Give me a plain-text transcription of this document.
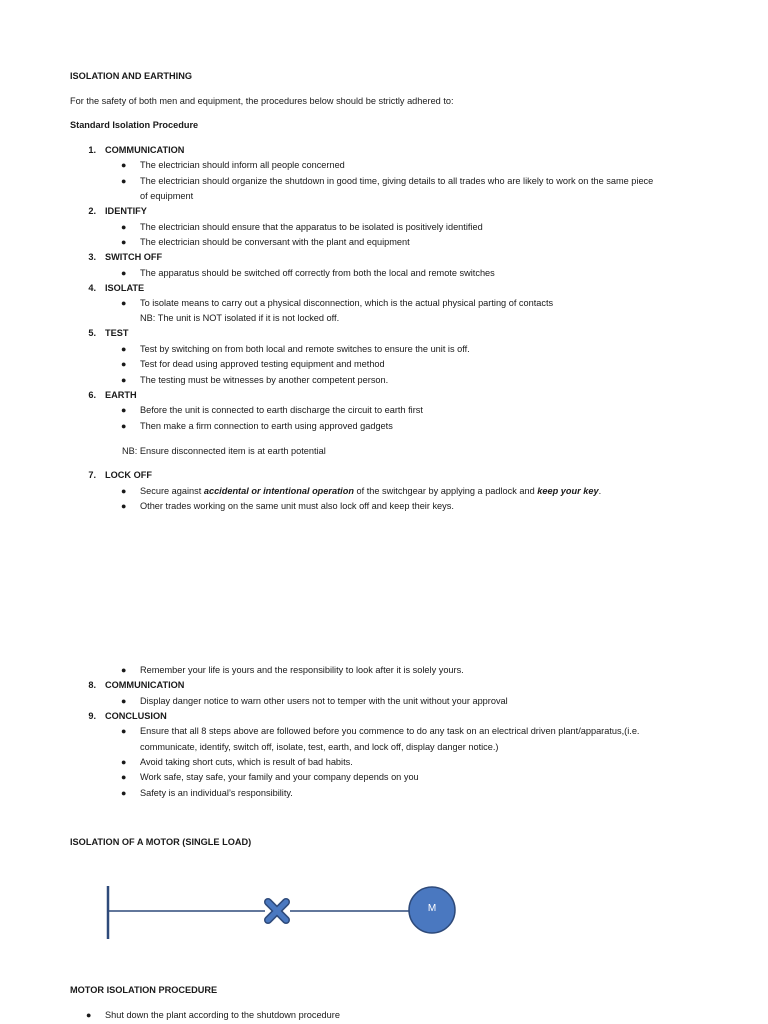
ISOLATION AND EARTHING
For the safety of both men and equipment, the procedures below should be strictly adhered to:
Standard Isolation Procedure
1. COMMUNICATION
● The electrician should inform all people concerned
● The electrician should organize the shutdown in good time, giving details to all trades who are likely to work on the same piece
of equipment
2. IDENTIFY
● The electrician should ensure that the apparatus to be isolated is positively identified
● The electrician should be conversant with the plant and equipment
3. SWITCH OFF
● The apparatus should be switched off correctly from both the local and remote switches
4. ISOLATE
● To isolate means to carry out a physical disconnection, which is the actual physical parting of contacts
NB: The unit is NOT isolated if it is not locked off.
5. TEST
● Test by switching on from both local and remote switches to ensure the unit is off.
● Test for dead using approved testing equipment and method
● The testing must be witnesses by another competent person.
6. EARTH
● Before the unit is connected to earth discharge the circuit to earth first
● Then make a firm connection to earth using approved gadgets
NB: Ensure disconnected item is at earth potential
7. LOCK OFF
● Secure against accidental or intentional operation of the switchgear by applying a padlock and keep your key.
● Other trades working on the same unit must also lock off and keep their keys.
● Remember your life is yours and the responsibility to look after it is solely yours.
8. COMMUNICATION
● Display danger notice to warn other users not to temper with the unit without your approval
9. CONCLUSION
● Ensure that all 8 steps above are followed before you commence to do any task on an electrical driven plant/apparatus,(i.e.
communicate, identify, switch off, isolate, test, earth, and lock off, display danger notice.)
● Avoid taking short cuts, which is result of bad habits.
● Work safe, stay safe, your family and your company depends on you
● Safety is an individual’s responsibility.
ISOLATION OF A MOTOR (SINGLE LOAD)
M
MOTOR ISOLATION PROCEDURE
● Shut down the plant according to the shutdown procedure
